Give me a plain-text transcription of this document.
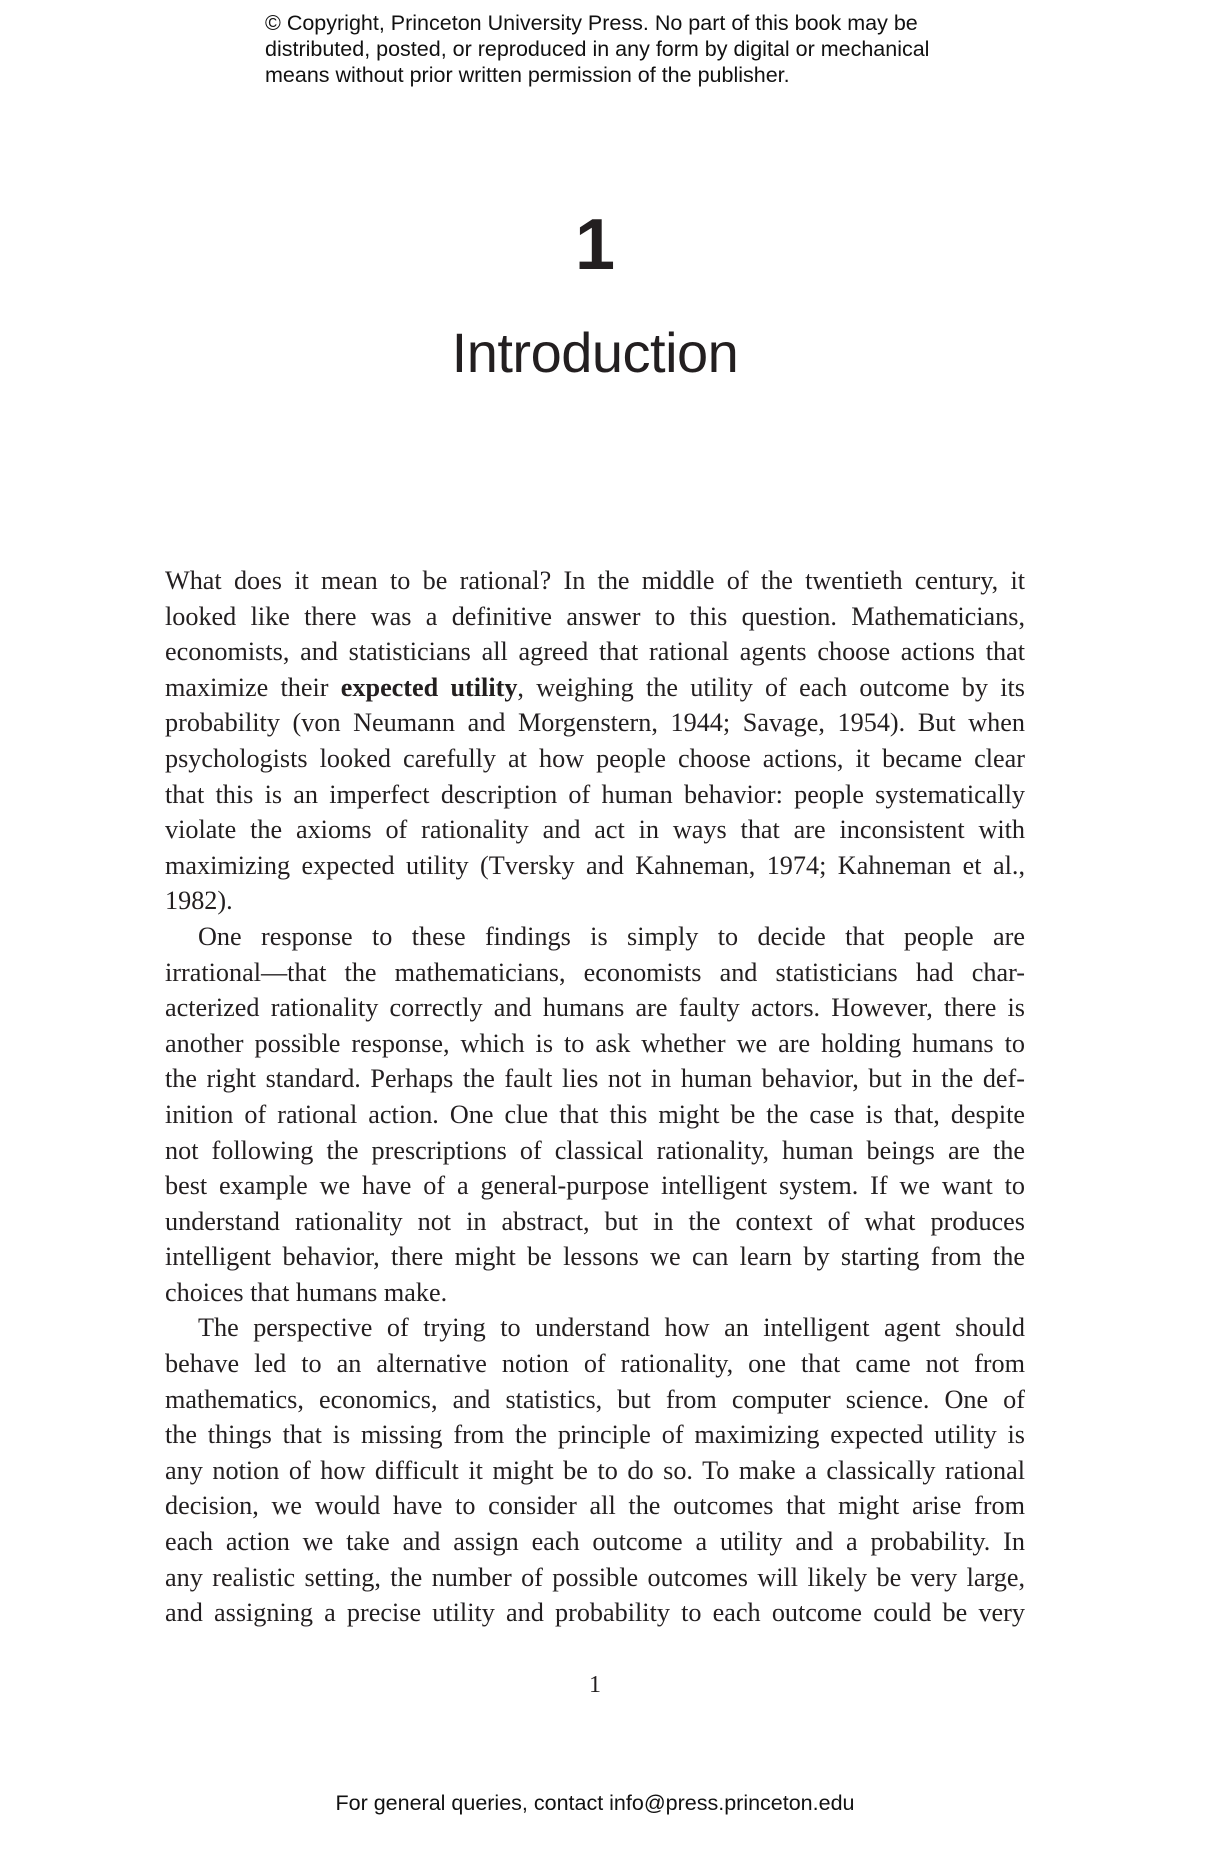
© Copyright, Princeton University Press. No part of this book may be
distributed, posted, or reproduced in any form by digital or mechanical
means without prior written permission of the publisher.
1
Introduction
What does it mean to be rational? In the middle of the twentieth century, it
looked like there was a definitive answer to this question. Mathematicians,
economists, and statisticians all agreed that rational agents choose actions that
maximize their expected utility, weighing the utility of each outcome by its
probability (von Neumann and Morgenstern, 1944; Savage, 1954). But when
psychologists looked carefully at how people choose actions, it became clear
that this is an imperfect description of human behavior: people systematically
violate the axioms of rationality and act in ways that are inconsistent with
maximizing expected utility (Tversky and Kahneman, 1974; Kahneman et al.,
1982).
One response to these findings is simply to decide that people are
irrational—that the mathematicians, economists and statisticians had char-
acterized rationality correctly and humans are faulty actors. However, there is
another possible response, which is to ask whether we are holding humans to
the right standard. Perhaps the fault lies not in human behavior, but in the def-
inition of rational action. One clue that this might be the case is that, despite
not following the prescriptions of classical rationality, human beings are the
best example we have of a general-purpose intelligent system. If we want to
understand rationality not in abstract, but in the context of what produces
intelligent behavior, there might be lessons we can learn by starting from the
choices that humans make.
The perspective of trying to understand how an intelligent agent should
behave led to an alternative notion of rationality, one that came not from
mathematics, economics, and statistics, but from computer science. One of
the things that is missing from the principle of maximizing expected utility is
any notion of how difficult it might be to do so. To make a classically rational
decision, we would have to consider all the outcomes that might arise from
each action we take and assign each outcome a utility and a probability. In
any realistic setting, the number of possible outcomes will likely be very large,
and assigning a precise utility and probability to each outcome could be very
1
For general queries, contact info@press.princeton.edu
